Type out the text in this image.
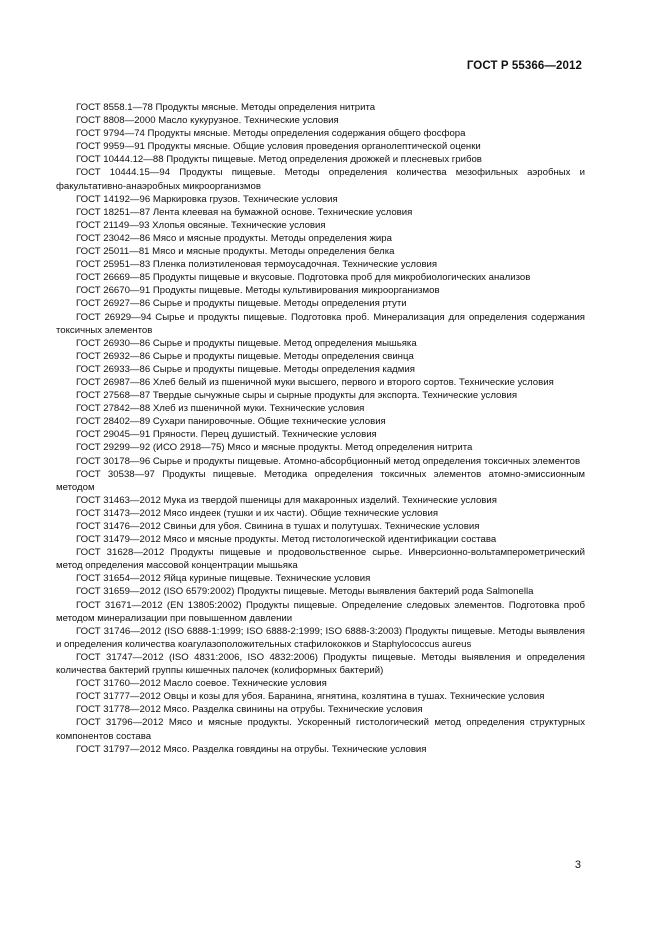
ГОСТ Р 55366—2012

ГОСТ 8558.1—78 Продукты мясные. Методы определения нитрита

ГОСТ 8808—2000 Масло кукурузное. Технические условия

ГОСТ 9794—74 Продукты мясные. Методы определения содержания общего фосфора

ГОСТ 9959—91 Продукты мясные. Общие условия проведения органолептической оценки

ГОСТ 10444.12—88 Продукты пищевые. Метод определения дрожжей и плесневых грибов

ГОСТ 10444.15—94 Продукты пищевые. Методы определения количества мезофильных аэробных и факультативно-анаэробных микроорганизмов

ГОСТ 14192—96 Маркировка грузов. Технические условия

ГОСТ 18251—87 Лента клеевая на бумажной основе. Технические условия

ГОСТ 21149—93 Хлопья овсяные. Технические условия

ГОСТ 23042—86 Мясо и мясные продукты. Методы определения жира

ГОСТ 25011—81 Мясо и мясные продукты. Методы определения белка

ГОСТ 25951—83 Пленка полиэтиленовая термоусадочная. Технические условия

ГОСТ 26669—85 Продукты пищевые и вкусовые. Подготовка проб для микробиологических анализов

ГОСТ 26670—91 Продукты пищевые. Методы культивирования микроорганизмов

ГОСТ 26927—86 Сырье и продукты пищевые. Методы определения ртути

ГОСТ 26929—94 Сырье и продукты пищевые. Подготовка проб. Минерализация для определения содержания токсичных элементов

ГОСТ 26930—86 Сырье и продукты пищевые. Метод определения мышьяка

ГОСТ 26932—86 Сырье и продукты пищевые. Методы определения свинца

ГОСТ 26933—86 Сырье и продукты пищевые. Методы определения кадмия

ГОСТ 26987—86 Хлеб белый из пшеничной муки высшего, первого и второго сортов. Технические условия

ГОСТ 27568—87 Твердые сычужные сыры и сырные продукты для экспорта. Технические условия

ГОСТ 27842—88 Хлеб из пшеничной муки. Технические условия

ГОСТ 28402—89 Сухари панировочные. Общие технические условия

ГОСТ 29045—91 Пряности. Перец душистый. Технические условия

ГОСТ 29299—92 (ИСО 2918—75) Мясо и мясные продукты. Метод определения нитрита

ГОСТ 30178—96 Сырье и продукты пищевые. Атомно-абсорбционный метод определения токсичных элементов

ГОСТ 30538—97 Продукты пищевые. Методика определения токсичных элементов атомно-эмиссионным методом

ГОСТ 31463—2012 Мука из твердой пшеницы для макаронных изделий. Технические условия

ГОСТ 31473—2012 Мясо индеек (тушки и их части). Общие технические условия

ГОСТ 31476—2012 Свиньи для убоя. Свинина в тушах и полутушах. Технические условия

ГОСТ 31479—2012 Мясо и мясные продукты. Метод гистологической идентификации состава

ГОСТ 31628—2012 Продукты пищевые и продовольственное сырье. Инверсионно-вольтамперометрический метод определения массовой концентрации мышьяка

ГОСТ 31654—2012 Яйца куриные пищевые. Технические условия

ГОСТ 31659—2012 (ISO 6579:2002) Продукты пищевые. Методы выявления бактерий рода Salmonella

ГОСТ 31671—2012 (EN 13805:2002) Продукты пищевые. Определение следовых элементов. Подготовка проб методом минерализации при повышенном давлении

ГОСТ 31746—2012 (ISO 6888-1:1999; ISO 6888-2:1999; ISO 6888-3:2003) Продукты пищевые. Методы выявления и определения количества коагулазоположительных стафилококков и Staphylococcus aureus

ГОСТ 31747—2012 (ISO 4831:2006, ISO 4832:2006) Продукты пищевые. Методы выявления и определения количества бактерий группы кишечных палочек (колиформных бактерий)

ГОСТ 31760—2012 Масло соевое. Технические условия

ГОСТ 31777—2012 Овцы и козы для убоя. Баранина, ягнятина, козлятина в тушах. Технические условия

ГОСТ 31778—2012 Мясо. Разделка свинины на отрубы. Технические условия

ГОСТ 31796—2012 Мясо и мясные продукты. Ускоренный гистологический метод определения структурных компонентов состава

ГОСТ 31797—2012 Мясо. Разделка говядины на отрубы. Технические условия

3
